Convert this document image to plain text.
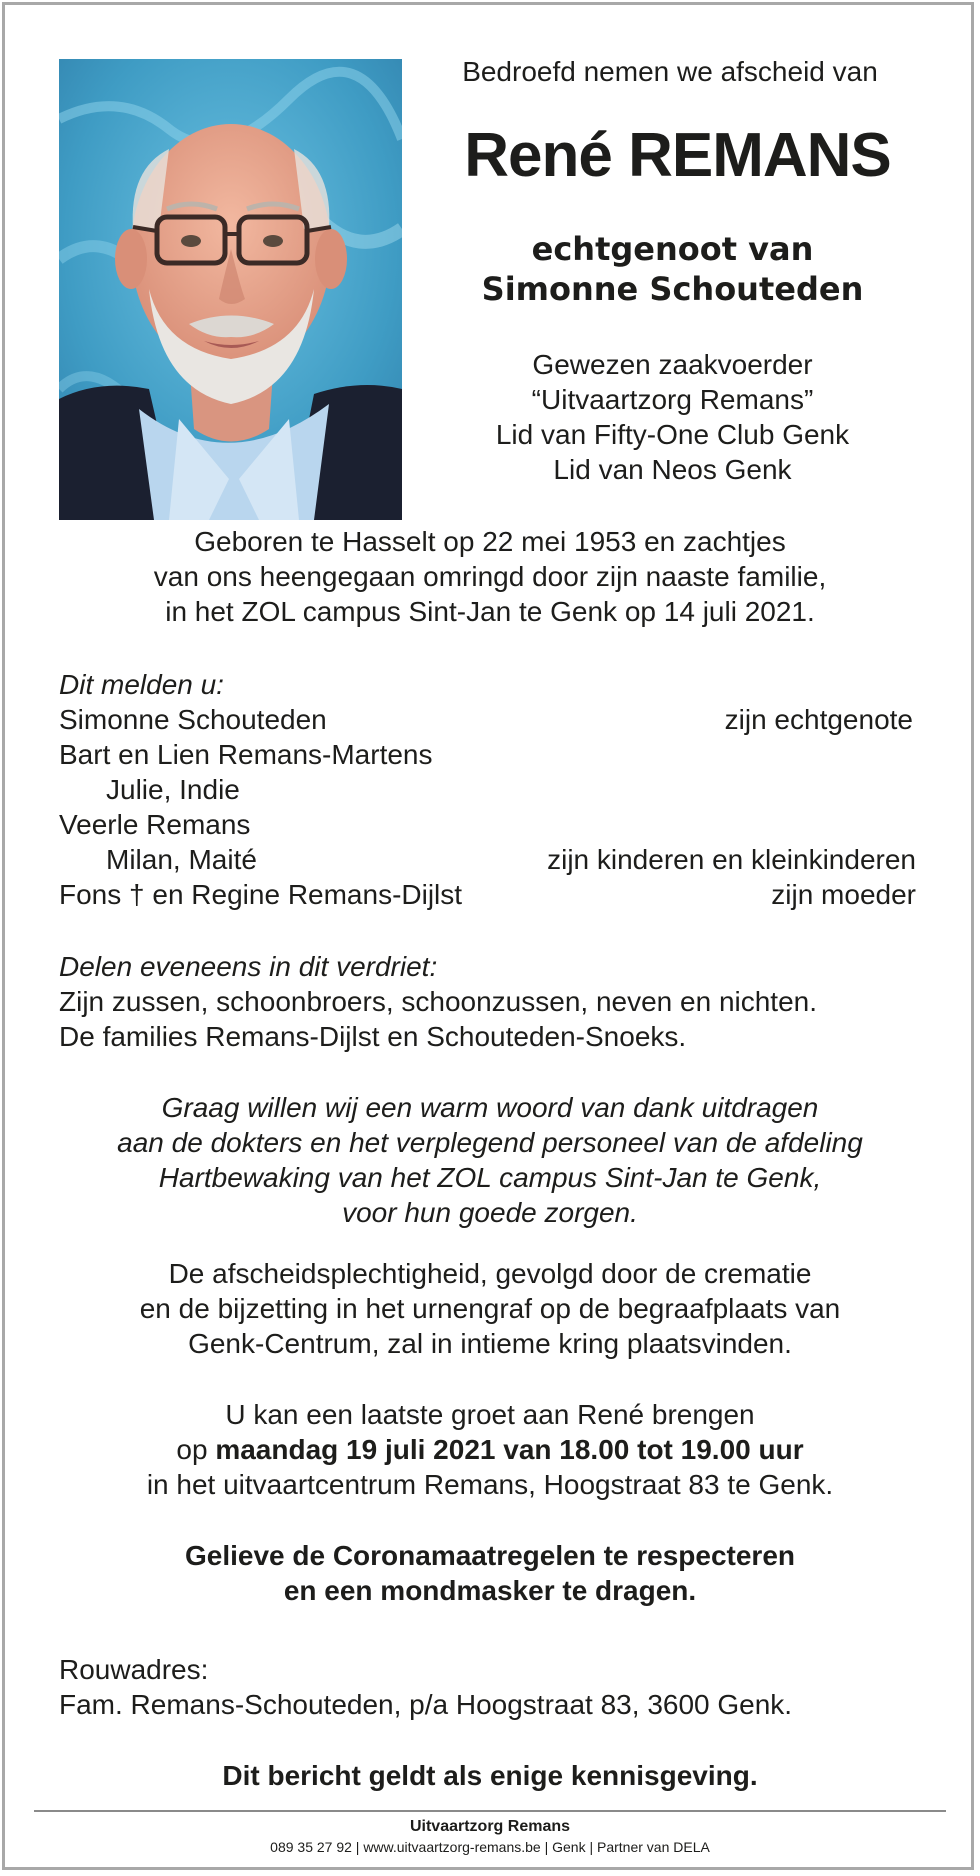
Bedroefd nemen we afscheid van
René REMANS
echtgenoot van
Simonne Schouteden
Gewezen zaakvoerder
“Uitvaartzorg Remans”
Lid van Fifty-One Club Genk
Lid van Neos Genk
Geboren te Hasselt op 22 mei 1953 en zachtjes
van ons heengegaan omringd door zijn naaste familie,
in het ZOL campus Sint-Jan te Genk op 14 juli 2021.
Dit melden u:
Simonne Schouteden	zijn echtgenote
Bart en Lien Remans-Martens
Julie, Indie
Veerle Remans
Milan, Maité	zijn kinderen en kleinkinderen
Fons † en Regine Remans-Dijlst	zijn moeder
Delen eveneens in dit verdriet:
Zijn zussen, schoonbroers, schoonzussen, neven en nichten.
De families Remans-Dijlst en Schouteden-Snoeks.
Graag willen wij een warm woord van dank uitdragen
aan de dokters en het verplegend personeel van de afdeling
Hartbewaking van het ZOL campus Sint-Jan te Genk,
voor hun goede zorgen.
De afscheidsplechtigheid, gevolgd door de crematie
en de bijzetting in het urnengraf op de begraafplaats van
Genk-Centrum, zal in intieme kring plaatsvinden.
U kan een laatste groet aan René brengen
op maandag 19 juli 2021 van 18.00 tot 19.00 uur
in het uitvaartcentrum Remans, Hoogstraat 83 te Genk.
Gelieve de Coronamaatregelen te respecteren
en een mondmasker te dragen.
Rouwadres:
Fam. Remans-Schouteden, p/a Hoogstraat 83, 3600 Genk.
Dit bericht geldt als enige kennisgeving.
Uitvaartzorg Remans
089 35 27 92 | www.uitvaartzorg-remans.be | Genk | Partner van DELA
